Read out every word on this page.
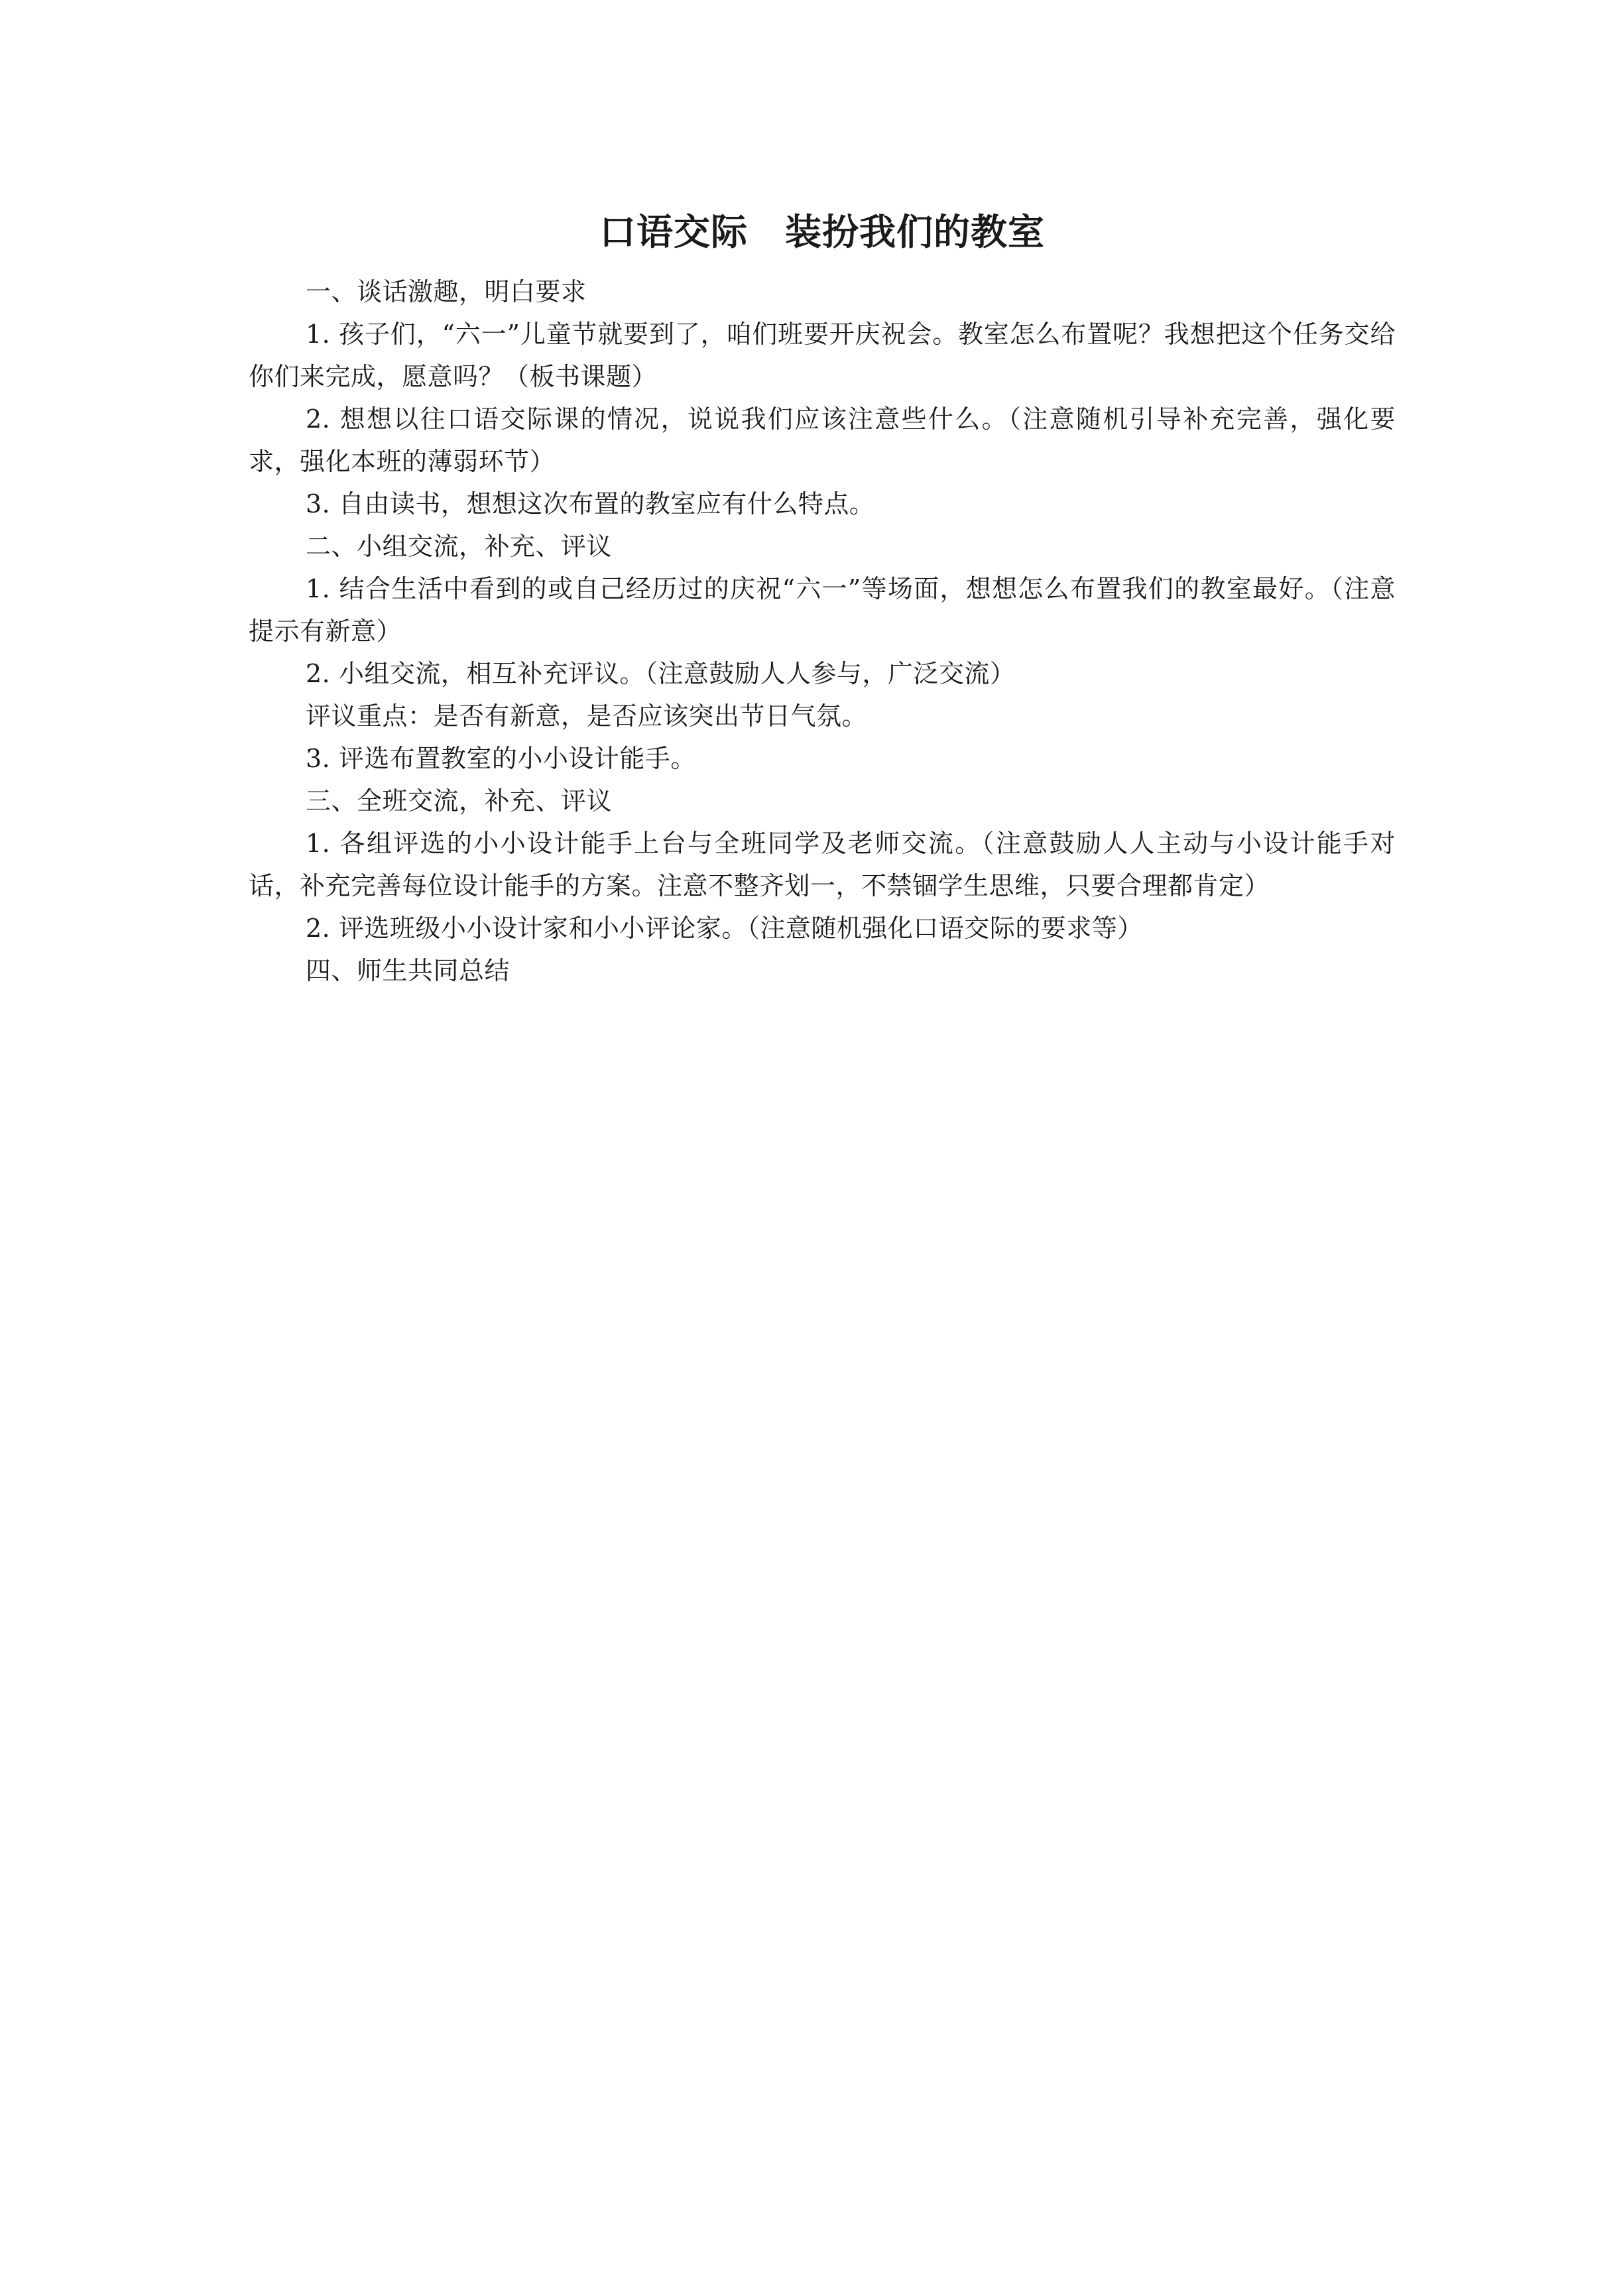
口语交际　装扮我们的教室

一、谈话激趣，明白要求

1. 孩子们，“六一”儿童节就要到了，咱们班要开庆祝会。教室怎么布置呢？我想把这个任务交给你们来完成，愿意吗？（板书课题）

2. 想想以往口语交际课的情况，说说我们应该注意些什么。（注意随机引导补充完善，强化要求，强化本班的薄弱环节）

3. 自由读书，想想这次布置的教室应有什么特点。

二、小组交流，补充、评议

1. 结合生活中看到的或自己经历过的庆祝“六一”等场面，想想怎么布置我们的教室最好。（注意提示有新意）

2. 小组交流，相互补充评议。（注意鼓励人人参与，广泛交流）

评议重点：是否有新意，是否应该突出节日气氛。

3. 评选布置教室的小小设计能手。

三、全班交流，补充、评议

1. 各组评选的小小设计能手上台与全班同学及老师交流。（注意鼓励人人主动与小设计能手对话，补充完善每位设计能手的方案。注意不整齐划一，不禁锢学生思维，只要合理都肯定）

2. 评选班级小小设计家和小小评论家。（注意随机强化口语交际的要求等）

四、师生共同总结
